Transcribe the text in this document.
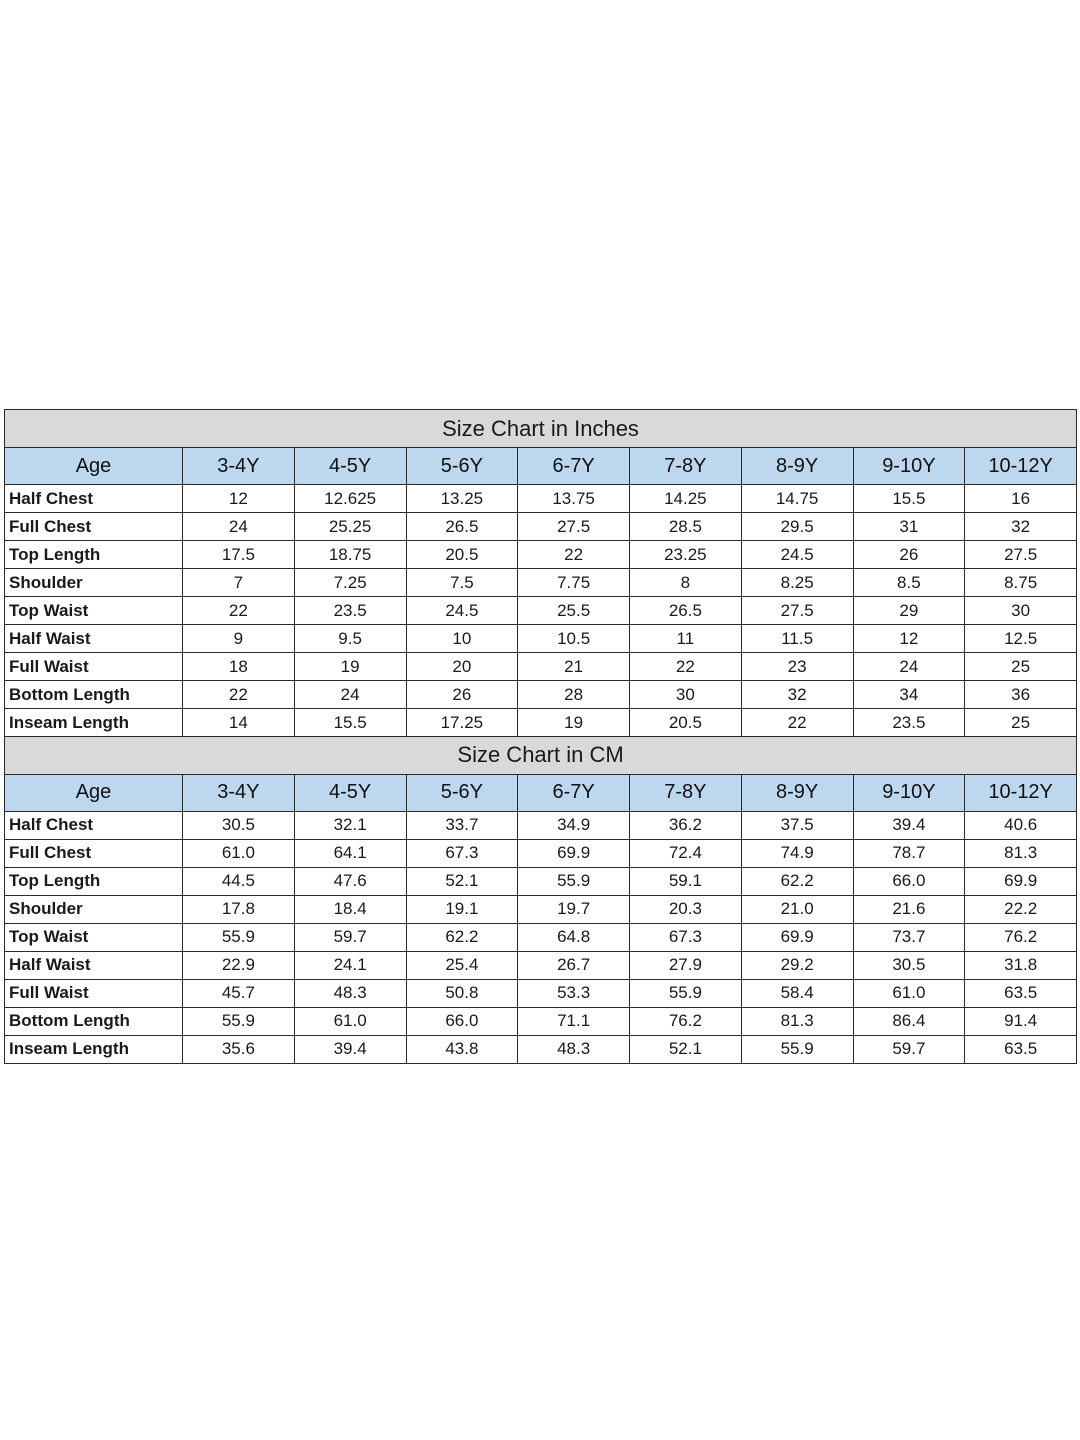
Size Chart in Inches								
Age	3-4Y	4-5Y	5-6Y	6-7Y	7-8Y	8-9Y	9-10Y	10-12Y
Half Chest	12	12.625	13.25	13.75	14.25	14.75	15.5	16
Full Chest	24	25.25	26.5	27.5	28.5	29.5	31	32
Top Length	17.5	18.75	20.5	22	23.25	24.5	26	27.5
Shoulder	7	7.25	7.5	7.75	8	8.25	8.5	8.75
Top Waist	22	23.5	24.5	25.5	26.5	27.5	29	30
Half Waist	9	9.5	10	10.5	11	11.5	12	12.5
Full Waist	18	19	20	21	22	23	24	25
Bottom Length	22	24	26	28	30	32	34	36
Inseam Length	14	15.5	17.25	19	20.5	22	23.5	25
Size Chart in CM								
Age	3-4Y	4-5Y	5-6Y	6-7Y	7-8Y	8-9Y	9-10Y	10-12Y
Half Chest	30.5	32.1	33.7	34.9	36.2	37.5	39.4	40.6
Full Chest	61.0	64.1	67.3	69.9	72.4	74.9	78.7	81.3
Top Length	44.5	47.6	52.1	55.9	59.1	62.2	66.0	69.9
Shoulder	17.8	18.4	19.1	19.7	20.3	21.0	21.6	22.2
Top Waist	55.9	59.7	62.2	64.8	67.3	69.9	73.7	76.2
Half Waist	22.9	24.1	25.4	26.7	27.9	29.2	30.5	31.8
Full Waist	45.7	48.3	50.8	53.3	55.9	58.4	61.0	63.5
Bottom Length	55.9	61.0	66.0	71.1	76.2	81.3	86.4	91.4
Inseam Length	35.6	39.4	43.8	48.3	52.1	55.9	59.7	63.5
